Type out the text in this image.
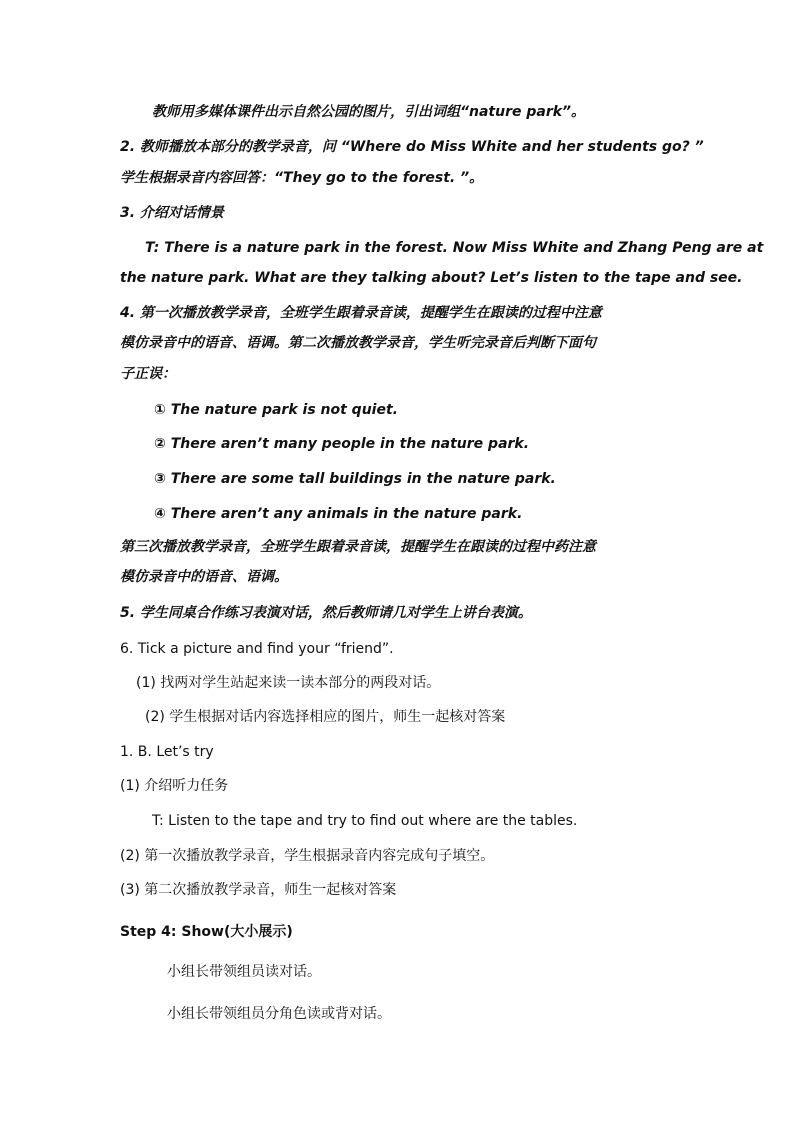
教师用多媒体课件出示自然公园的图片，引出词组“nature park”。
2. 教师播放本部分的教学录音，问 “Where do Miss White and her students go? ”
学生根据录音内容回答：“They go to the forest. ”。
3. 介绍对话情景
T: There is a nature park in the forest. Now Miss White and Zhang Peng are at
the nature park. What are they talking about? Let’s listen to the tape and see.
4. 第一次播放教学录音，全班学生跟着录音读，提醒学生在跟读的过程中注意
模仿录音中的语音、语调。第二次播放教学录音，学生听完录音后判断下面句
子正误：
① The nature park is not quiet.
② There aren’t many people in the nature park.
③ There are some tall buildings in the nature park.
④ There aren’t any animals in the nature park.
第三次播放教学录音，全班学生跟着录音读，提醒学生在跟读的过程中药注意
模仿录音中的语音、语调。
5. 学生同桌合作练习表演对话，然后教师请几对学生上讲台表演。
6. Tick a picture and find your “friend”.
(1) 找两对学生站起来读一读本部分的两段对话。
(2) 学生根据对话内容选择相应的图片，师生一起核对答案
1. B. Let’s try
(1) 介绍听力任务
T: Listen to the tape and try to find out where are the tables.
(2) 第一次播放教学录音，学生根据录音内容完成句子填空。
(3) 第二次播放教学录音，师生一起核对答案
Step 4: Show(大小展示)
小组长带领组员读对话。
小组长带领组员分角色读或背对话。
